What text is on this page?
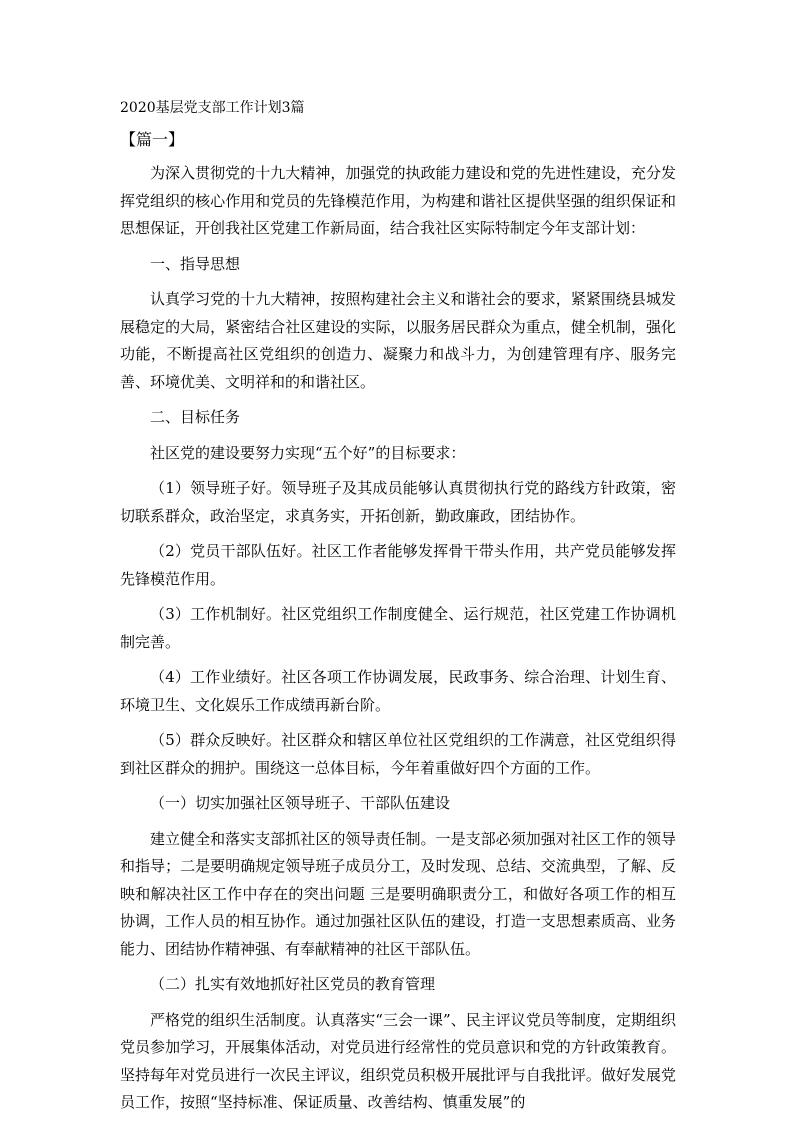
2020基层党支部工作计划3篇
【篇一】

为深入贯彻党的十九大精神，加强党的执政能力建设和党的先进性建设，充分发挥党组织的核心作用和党员的先锋模范作用，为构建和谐社区提供坚强的组织保证和思想保证，开创我社区党建工作新局面，结合我社区实际特制定今年支部计划：

一、指导思想

认真学习党的十九大精神，按照构建社会主义和谐社会的要求，紧紧围绕县城发展稳定的大局，紧密结合社区建设的实际，以服务居民群众为重点，健全机制，强化功能，不断提高社区党组织的创造力、凝聚力和战斗力，为创建管理有序、服务完善、环境优美、文明祥和的和谐社区。

二、目标任务

社区党的建设要努力实现“五个好”的目标要求：

（1）领导班子好。领导班子及其成员能够认真贯彻执行党的路线方针政策，密切联系群众，政治坚定，求真务实，开拓创新，勤政廉政，团结协作。

（2）党员干部队伍好。社区工作者能够发挥骨干带头作用，共产党员能够发挥先锋模范作用。

（3）工作机制好。社区党组织工作制度健全、运行规范，社区党建工作协调机制完善。

（4）工作业绩好。社区各项工作协调发展，民政事务、综合治理、计划生育、环境卫生、文化娱乐工作成绩再新台阶。

（5）群众反映好。社区群众和辖区单位社区党组织的工作满意，社区党组织得到社区群众的拥护。围绕这一总体目标，今年着重做好四个方面的工作。

（一）切实加强社区领导班子、干部队伍建设

建立健全和落实支部抓社区的领导责任制。一是支部必须加强对社区工作的领导和指导；二是要明确规定领导班子成员分工，及时发现、总结、交流典型，了解、反映和解决社区工作中存在的突出问题 三是要明确职责分工，和做好各项工作的相互协调，工作人员的相互协作。通过加强社区队伍的建设，打造一支思想素质高、业务能力、团结协作精神强、有奉献精神的社区干部队伍。

（二）扎实有效地抓好社区党员的教育管理

严格党的组织生活制度。认真落实“三会一课”、民主评议党员等制度，定期组织党员参加学习，开展集体活动，对党员进行经常性的党员意识和党的方针政策教育。坚持每年对党员进行一次民主评议，组织党员积极开展批评与自我批评。做好发展党员工作，按照“坚持标准、保证质量、改善结构、慎重发展”的
